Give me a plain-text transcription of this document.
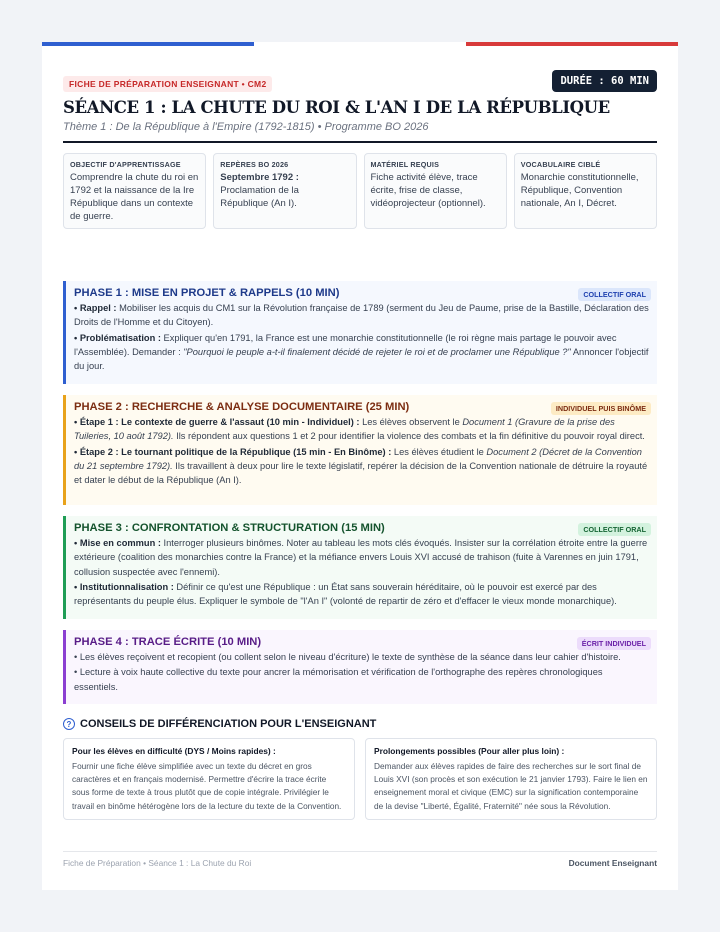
FICHE DE PRÉPARATION ENSEIGNANT • CM2	DURÉE : 60 MIN
SÉANCE 1 : LA CHUTE DU ROI & L'AN I DE LA RÉPUBLIQUE
Thème 1 : De la République à l'Empire (1792-1815) • Programme BO 2026
OBJECTIF D'APPRENTISSAGE
Comprendre la chute du roi en 1792 et la naissance de la Ire République dans un contexte de guerre.
REPÈRES BO 2026
Septembre 1792 : Proclamation de la République (An I).
MATÉRIEL REQUIS
Fiche activité élève, trace écrite, frise de classe, vidéoprojecteur (optionnel).
VOCABULAIRE CIBLÉ
Monarchie constitutionnelle, République, Convention nationale, An I, Décret.
PHASE 1 : MISE EN PROJET & RAPPELS (10 MIN)	COLLECTIF ORAL

• Rappel : Mobiliser les acquis du CM1 sur la Révolution française de 1789 (serment du Jeu de Paume, prise de la Bastille, Déclaration des Droits de l'Homme et du Citoyen).

• Problématisation : Expliquer qu'en 1791, la France est une monarchie constitutionnelle (le roi règne mais partage le pouvoir avec l'Assemblée). Demander : "Pourquoi le peuple a-t-il finalement décidé de rejeter le roi et de proclamer une République ?" Annoncer l'objectif du jour.

PHASE 2 : RECHERCHE & ANALYSE DOCUMENTAIRE (25 MIN)	INDIVIDUEL PUIS BINÔME

• Étape 1 : Le contexte de guerre & l'assaut (10 min - Individuel) : Les élèves observent le Document 1 (Gravure de la prise des Tuileries, 10 août 1792). Ils répondent aux questions 1 et 2 pour identifier la violence des combats et la fin définitive du pouvoir royal direct.

• Étape 2 : Le tournant politique de la République (15 min - En Binôme) : Les élèves étudient le Document 2 (Décret de la Convention du 21 septembre 1792). Ils travaillent à deux pour lire le texte législatif, repérer la décision de la Convention nationale de détruire la royauté et dater le début de la République (An I).

PHASE 3 : CONFRONTATION & STRUCTURATION (15 MIN)	COLLECTIF ORAL

• Mise en commun : Interroger plusieurs binômes. Noter au tableau les mots clés évoqués. Insister sur la corrélation étroite entre la guerre extérieure (coalition des monarchies contre la France) et la méfiance envers Louis XVI accusé de trahison (fuite à Varennes en juin 1791, collusion suspectée avec l'ennemi).

• Institutionnalisation : Définir ce qu'est une République : un État sans souverain héréditaire, où le pouvoir est exercé par des représentants du peuple élus. Expliquer le symbole de "l'An I" (volonté de repartir de zéro et d'effacer le vieux monde monarchique).

PHASE 4 : TRACE ÉCRITE (10 MIN)	ÉCRIT INDIVIDUEL

• Les élèves reçoivent et recopient (ou collent selon le niveau d'écriture) le texte de synthèse de la séance dans leur cahier d'histoire.

• Lecture à voix haute collective du texte pour ancrer la mémorisation et vérification de l'orthographe des repères chronologiques essentiels.

? CONSEILS DE DIFFÉRENCIATION POUR L'ENSEIGNANT
Pour les élèves en difficulté (DYS / Moins rapides) :
Fournir une fiche élève simplifiée avec un texte du décret en gros caractères et en français modernisé. Permettre d'écrire la trace écrite sous forme de texte à trous plutôt que de copie intégrale. Privilégier le travail en binôme hétérogène lors de la lecture du texte de la Convention.
Prolongements possibles (Pour aller plus loin) :
Demander aux élèves rapides de faire des recherches sur le sort final de Louis XVI (son procès et son exécution le 21 janvier 1793). Faire le lien en enseignement moral et civique (EMC) sur la signification contemporaine de la devise "Liberté, Égalité, Fraternité" née sous la Révolution.
Fiche de Préparation • Séance 1 : La Chute du Roi	Document Enseignant
